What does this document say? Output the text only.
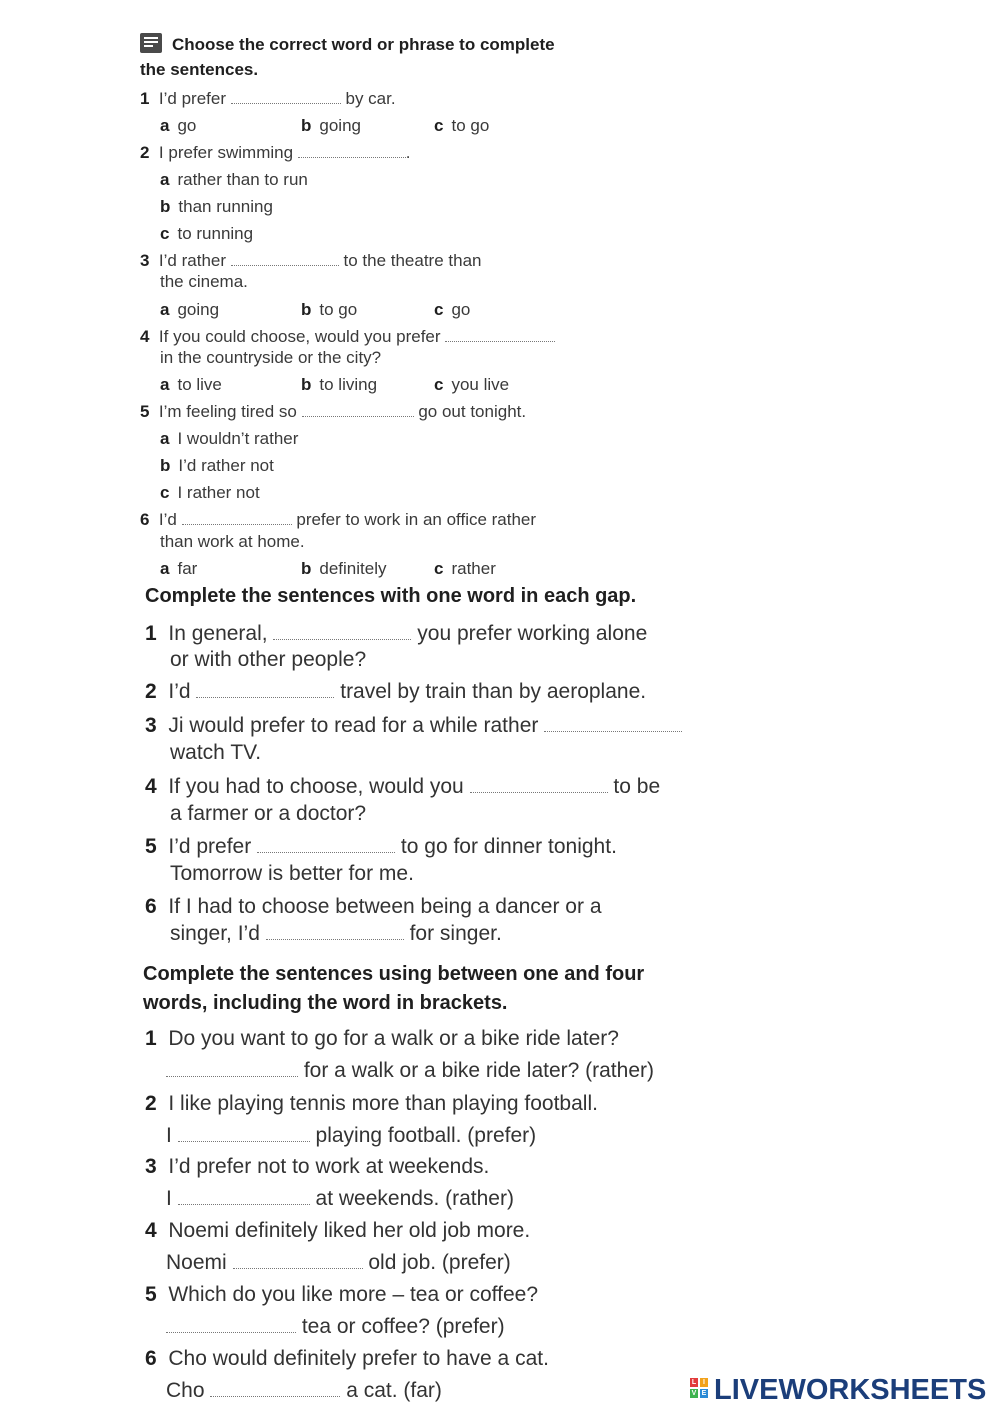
Choose the correct word or phrase to complete
the sentences.
1 I’d prefer	by car.
a go	b going	c to go
2 I prefer swimming	.
a rather than to run
b than running
c to running
3 I’d rather	to the theatre than
the cinema.
a going	b to go	c go
4 If you could choose, would you prefer
in the countryside or the city?
a to live	b to living	c you live
5 I’m feeling tired so	go out tonight.
a I wouldn’t rather
b I’d rather not
c I rather not
6 I’d	prefer to work in an office rather
than work at home.
a far	b definitely	c rather
Complete the sentences with one word in each gap.
1 In general,	you prefer working alone
or with other people?
2 I’d	travel by train than by aeroplane.
3 Ji would prefer to read for a while rather
watch TV.
4 If you had to choose, would you	to be
a farmer or a doctor?
5 I’d prefer	to go for dinner tonight.
Tomorrow is better for me.
6 If I had to choose between being a dancer or a
singer, I’d	for singer.
Complete the sentences using between one and four
words, including the word in brackets.
1 Do you want to go for a walk or a bike ride later?
for a walk or a bike ride later? (rather)
2 I like playing tennis more than playing football.
I	playing football. (prefer)
3 I’d prefer not to work at weekends.
I	at weekends. (rather)
4 Noemi definitely liked her old job more.
Noemi	old job. (prefer)
5 Which do you like more – tea or coffee?
tea or coffee? (prefer)
6 Cho would definitely prefer to have a cat.
Cho	a cat. (far)	L I
V E LIVEWORKSHEETS
